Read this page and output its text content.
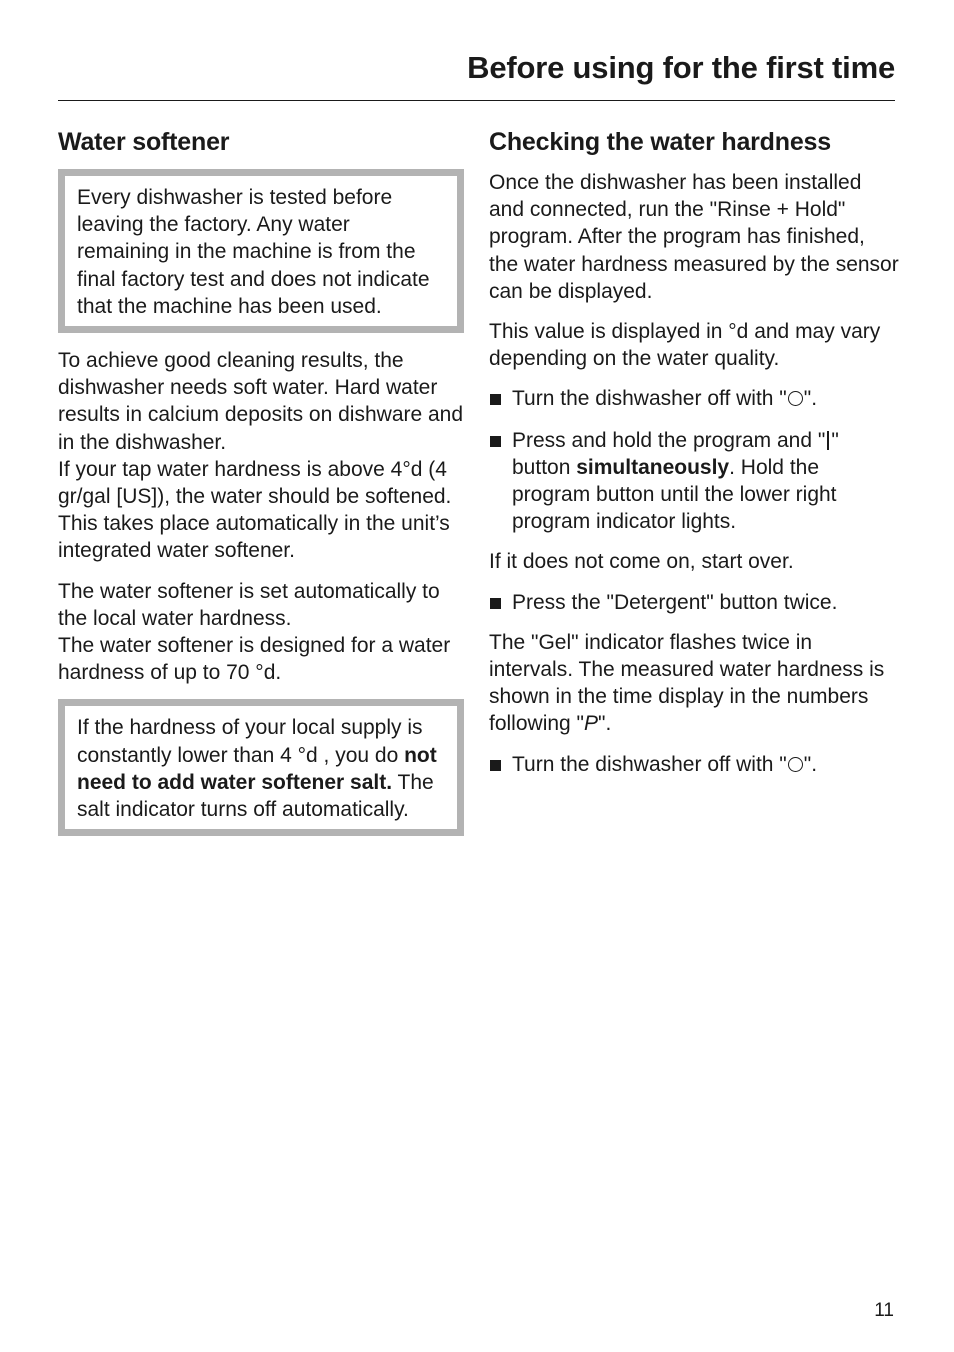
Before using for the first time
Water softener

Every dishwasher is tested before leaving the factory. Any water remaining in the machine is from the final factory test and does not indicate that the machine has been used.

To achieve good cleaning results, the dishwasher needs soft water. Hard water results in calcium deposits on dishware and in the dishwasher.

If your tap water hardness is above 4°d (4 gr/gal [US]), the water should be softened. This takes place automatically in the unit’s integrated water softener.

The water softener is set automatically to the local water hardness.

The water softener is designed for a water hardness of up to 70 °d.

If the hardness of your local supply is constantly lower than 4 °d , you do not need to add water softener salt. The salt indicator turns off automatically.

Checking the water hardness

Once the dishwasher has been installed and connected, run the "Rinse + Hold" program. After the program has finished, the water hardness measured by the sensor can be displayed.

This value is displayed in °d and may vary depending on the water quality.

Turn the dishwasher off with " ".
Press and hold the program and " " button simultaneously. Hold the program button until the lower right program indicator lights.

If it does not come on, start over.

Press the "Detergent" button twice.

The "Gel" indicator flashes twice in intervals. The measured water hardness is shown in the time display in the numbers following "P".

Turn the dishwasher off with " ".
11
